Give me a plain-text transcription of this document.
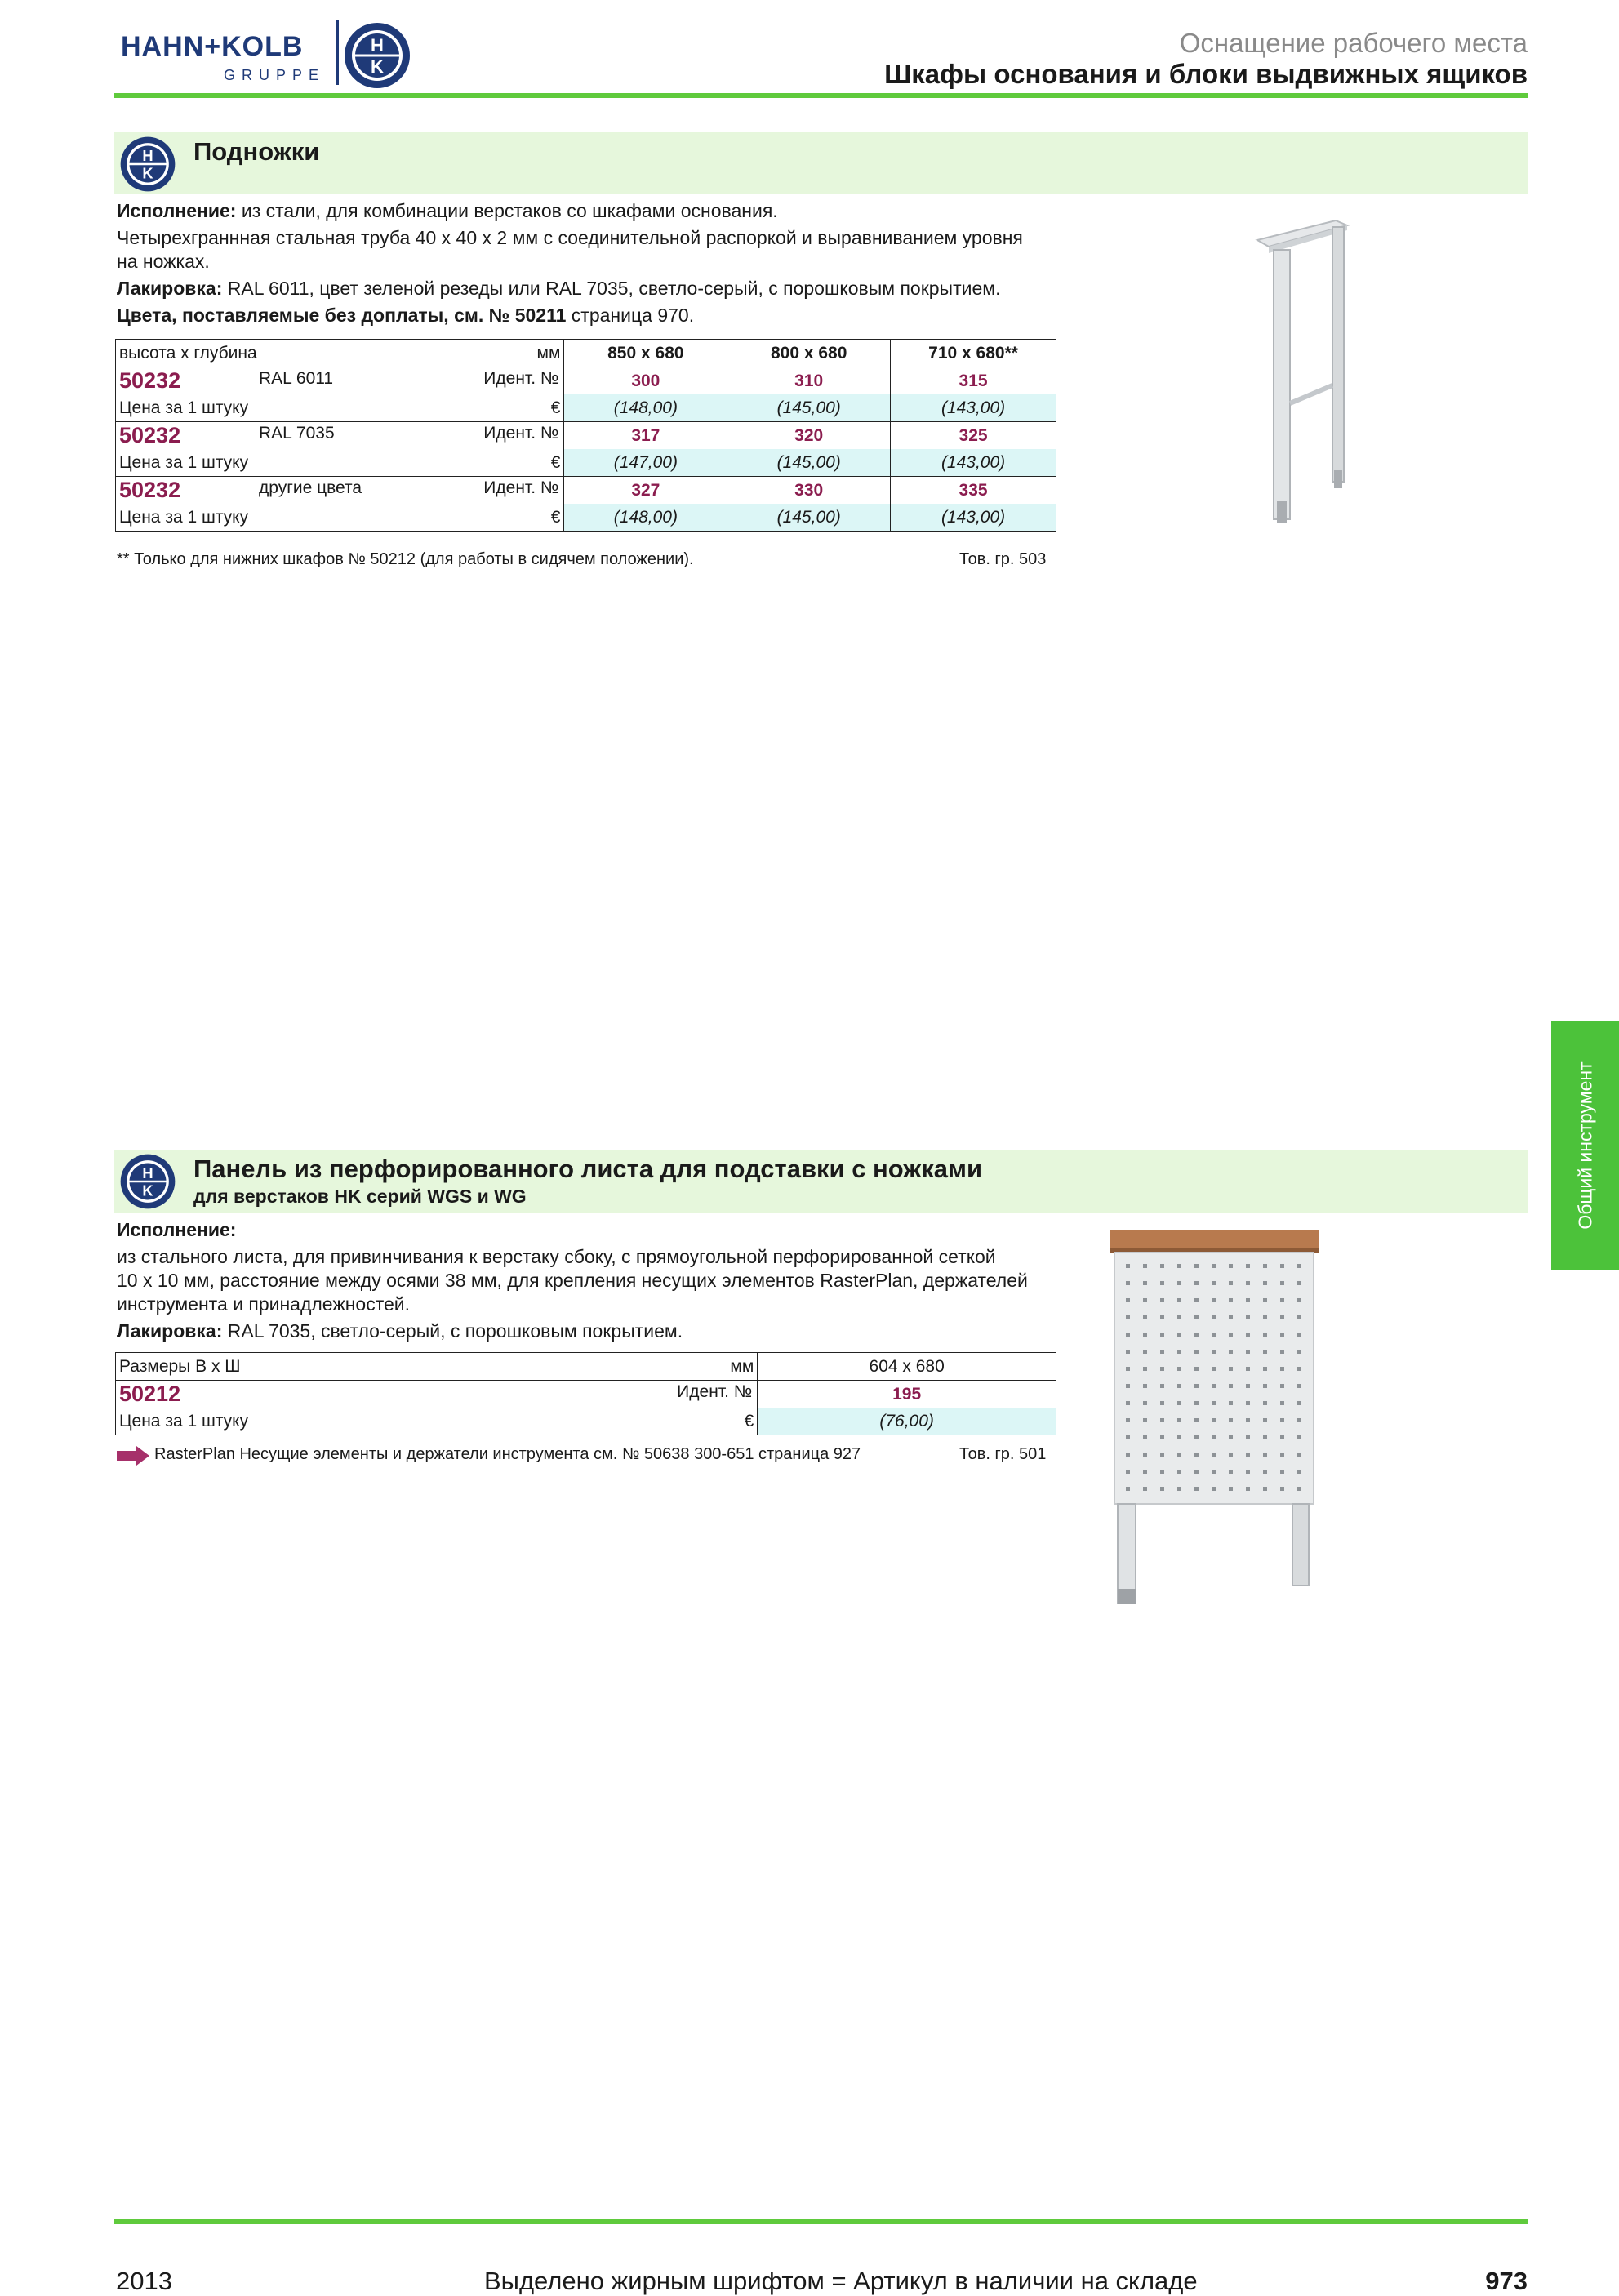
HAHN+KOLB
GRUPPE
H
K
Оснащение рабочего места
Шкафы основания и блоки выдвижных ящиков
H
K
Подножки
Исполнение: из стали, для комбинации верстаков со шкафами основания.
Четырехграннная стальная труба 40 x 40 x 2 мм с соединительной распоркой и выравниванием уровня
на ножках.
Лакировка: RAL 6011, цвет зеленой резеды или RAL 7035, светло-серый, с порошковым покрытием.
Цвета, поставляемые без доплаты, см. № 50211 страница 970.
высота x глубина мм	850 x 680	800 x 680	710 x 680**
50232 RAL 6011 Идент. №	300	310	315

Цена за 1 штуку €	(148,00)	(145,00)	(143,00)
50232 RAL 7035 Идент. №	317	320	325

Цена за 1 штуку €	(147,00)	(145,00)	(143,00)
50232 другие цвета Идент. №	327	330	335

Цена за 1 штуку €	(148,00)	(145,00)	(143,00)
** Только для нижних шкафов № 50212 (для работы в сидячем положении).	Тов. гр. 503
H
K
Панель из перфорированного листа для подставки с ножками
для верстаков HK серий WGS и WG
Исполнение:
из стального листа, для привинчивания к верстаку сбоку, с прямоугольной перфорированной сеткой
10 x 10 мм, расстояние между осями 38 мм, для крепления несущих элементов RasterPlan, держателей
инструмента и принадлежностей.
Лакировка: RAL 7035, светло-серый, с порошковым покрытием.
Размеры В x Ш мм	604 x 680
50212 Идент. №	195

Цена за 1 штуку €	(76,00)
RasterPlan Несущие элементы и держатели инструмента см. № 50638 300-651 страница 927	Тов. гр. 501
Общий инструмент
2013	Выделено жирным шрифтом = Артикул в наличии на складе	973
